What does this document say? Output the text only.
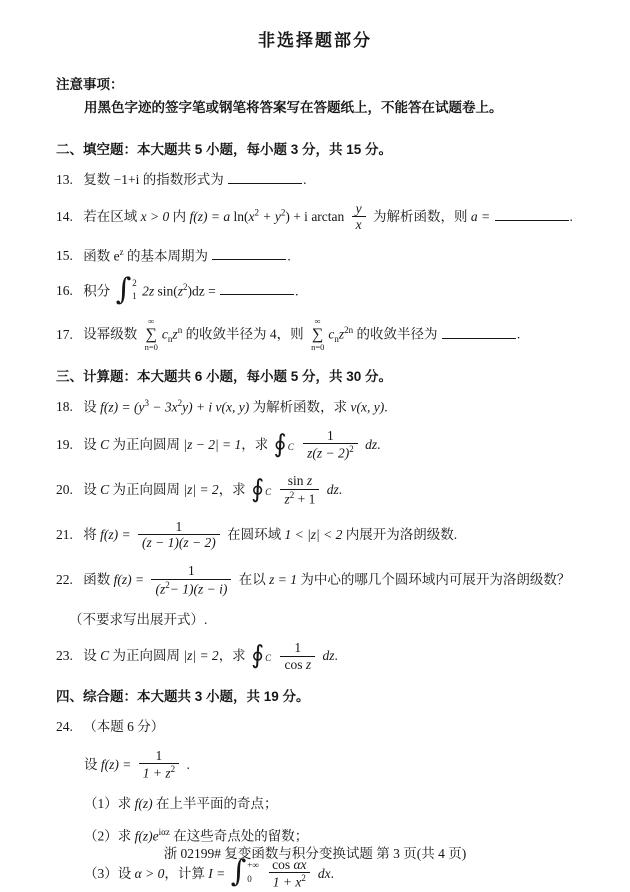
非选择题部分
注意事项：
用黑色字迹的签字笔或钢笔将答案写在答题纸上，不能答在试题卷上。
二、填空题：本大题共 5 小题，每小题 3 分，共 15 分。
13. 复数 −1+i 的指数形式为	.
14. 若在区域 x > 0 内 f(z) = a $\ln(x^2 + y^2) + i$ $\arctan \frac{y}{x}$ 为解析函数，则 a =	.
15. 函数 $e^z$ 的基本周期为	.
16. 积分 ∫ 2
1 2z $\sin(z^2)dz$ =	.
17. 设幂级数
∞
∑
n=0
$c_nz^n$ 的收敛半径为 4，则
∞
∑
n=0
$c_nz^{2n}$ 的收敛半径为	.
三、计算题：本大题共 6 小题，每小题 5 分，共 30 分。
18. 设 $f(z) = (y^3 - 3x^2y) + i$ v(x, y) 为解析函数，求 v(x, y).
19. 设 C 为正向圆周 |z − 2| = 1，求 ∮ C
$\frac{1}{z(z - 2)^2}$ dz.
20. 设 C 为正向圆周 |z| = 2，求 ∮ C
$\frac{\text{sin z}}{z^2 + 1}$ dz.
21. 将 $f(z) = \frac{1}{(z - 1)(z - 2)}$ 在圆环域 1 < |z| < 2 内展开为洛朗级数.
22. 函数 $f(z) = \frac{1}{(z^2- 1)(z - i)}$ 在以 z = 1 为中心的哪几个圆环域内可展开为洛朗级数？
（不要求写出展开式）.
23. 设 C 为正向圆周 |z| = 2，求 ∮ C
$\frac{1}{\text{cos z}}$ dz.
四、综合题：本大题共 3 小题，共 19 分。
24. （本题 6 分）
设 $f(z) = \frac{1}{1 + z^2}$ .
（1）求 f(z) 在上半平面的奇点；
（2）求 $f(z)e^{i\alpha z}$ 在这些奇点处的留数；
（3）设 α > 0，计算 I = ∫ +∞
0
	$\frac{\text{cos αx}}{1 + x^2}$ dx.
浙 02199# 复变函数与积分变换试题 第 3 页(共 4 页)
